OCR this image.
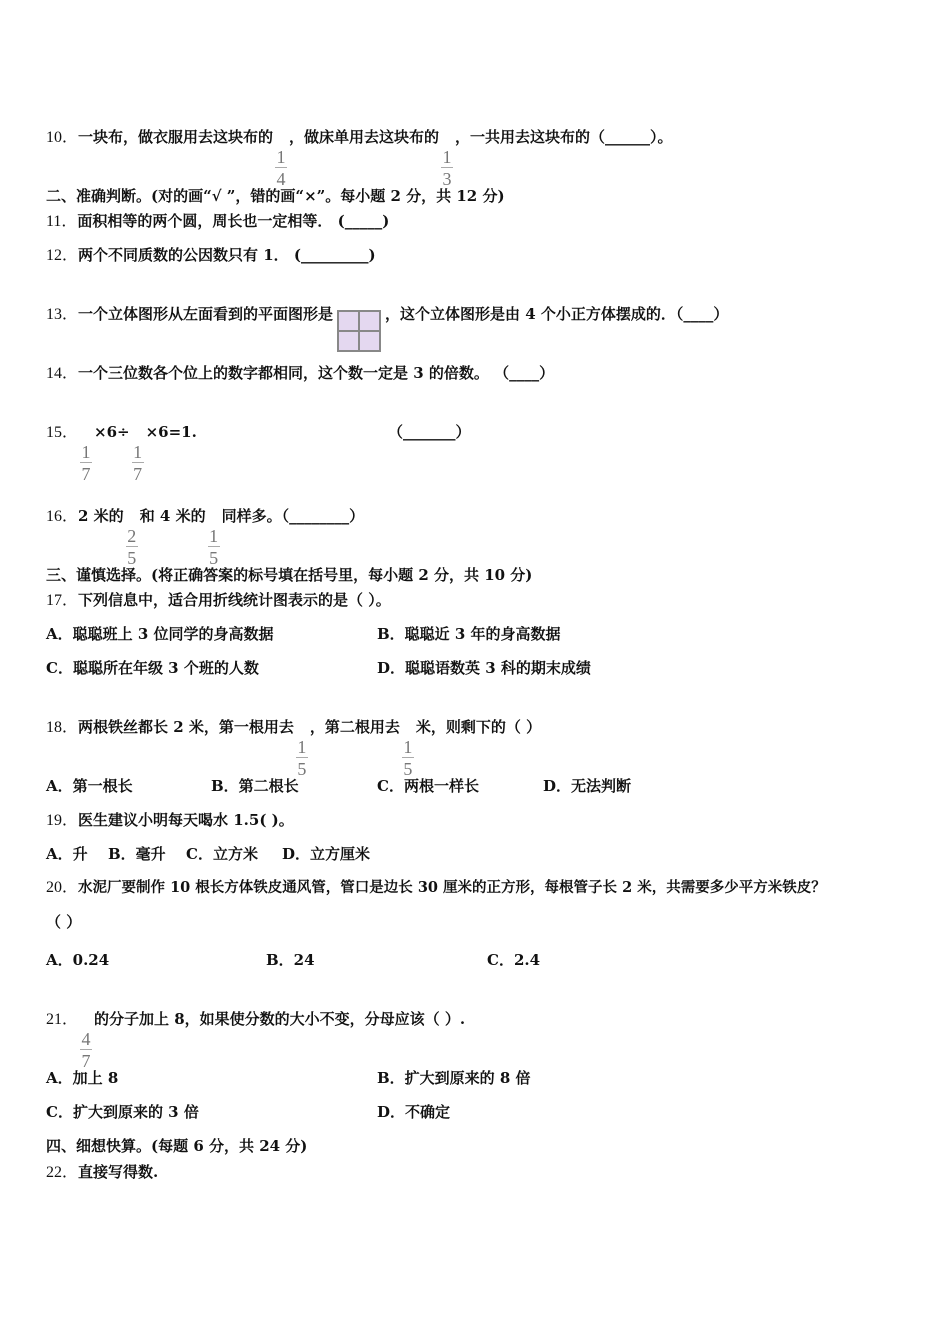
10．一块布，做衣服用去这块布的
$\frac{1}{4}$
，做床单用去这块布的
$\frac{1}{3}$
，一共用去这块布的（______）。
二、准确判断。(对的画“√ ”，错的画“×”。每小题 2 分，共 12 分)
11．面积相等的两个圆，周长也一定相等． (_____)
12．两个不同质数的公因数只有 1． (_________)
13．一个立体图形从左面看到的平面图形是	，这个立体图形是由 4 个小正方体摆成的．（____）
14．一个三位数各个位上的数字都相同，这个数一定是 3 的倍数。 （____）
15．
$\frac{1}{7}$
×6÷
$\frac{1}{7}$
×6=1.	（_______）
16．2 米的
$\frac{2}{5}$
和 4 米的
$\frac{1}{5}$
同样多。（________）
三、谨慎选择。(将正确答案的标号填在括号里，每小题 2 分，共 10 分)
17．下列信息中，适合用折线统计图表示的是（ ）。
A．聪聪班上 3 位同学的身高数据	B．聪聪近 3 年的身高数据
C．聪聪所在年级 3 个班的人数	D．聪聪语数英 3 科的期末成绩
18．两根铁丝都长 2 米，第一根用去
$\frac{1}{5}$
，第二根用去
$\frac{1}{5}$
米，则剩下的（ ）
A．第一根长	B．第二根长	C．两根一样长	D．无法判断
19．医生建议小明每天喝水 1.5( )。
A．升 B．毫升 C．立方米 D．立方厘米
20．水泥厂要制作 10 根长方体铁皮通风管，管口是边长 30 厘米的正方形，每根管子长 2 米，共需要多少平方米铁皮？
（ ）
A．0.24	B．24	C．2.4
21．
$\frac{4}{7}$
的分子加上 8，如果使分数的大小不变，分母应该（ ）.
A．加上 8	B．扩大到原来的 8 倍
C．扩大到原来的 3 倍	D．不确定
四、细想快算。(每题 6 分，共 24 分)
22．直接写得数.
